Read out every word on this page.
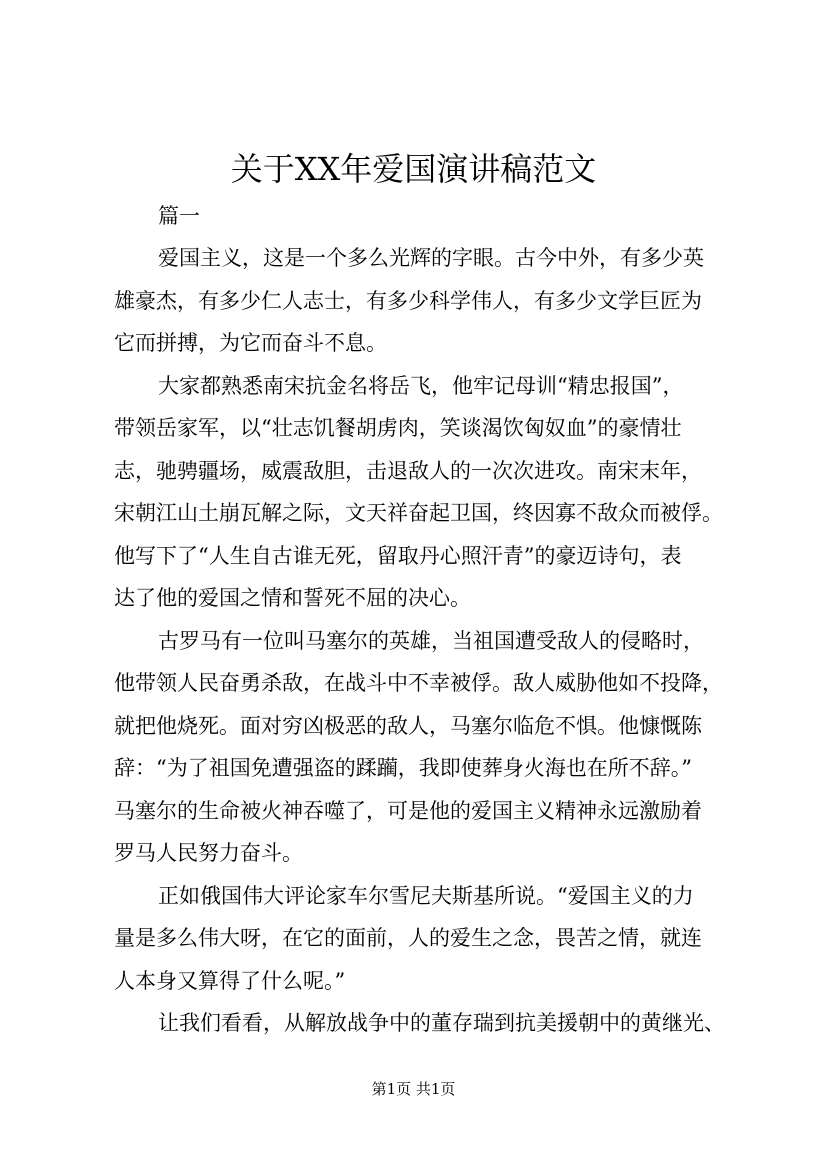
关于XX年爱国演讲稿范文

篇一

爱国主义，这是一个多么光辉的字眼。古今中外，有多少英

雄豪杰，有多少仁人志士，有多少科学伟人，有多少文学巨匠为

它而拼搏，为它而奋斗不息。

大家都熟悉南宋抗金名将岳飞，他牢记母训“精忠报国”，

带领岳家军，以“壮志饥餐胡虏肉，笑谈渴饮匈奴血”的豪情壮

志，驰骋疆场，威震敌胆，击退敌人的一次次进攻。南宋末年，

宋朝江山土崩瓦解之际，文天祥奋起卫国，终因寡不敌众而被俘。

他写下了“人生自古谁无死，留取丹心照汗青”的豪迈诗句，表

达了他的爱国之情和誓死不屈的决心。

古罗马有一位叫马塞尔的英雄，当祖国遭受敌人的侵略时，

他带领人民奋勇杀敌，在战斗中不幸被俘。敌人威胁他如不投降，

就把他烧死。面对穷凶极恶的敌人，马塞尔临危不惧。他慷慨陈

辞：“为了祖国免遭强盗的蹂躏，我即使葬身火海也在所不辞。”

马塞尔的生命被火神吞噬了，可是他的爱国主义精神永远激励着

罗马人民努力奋斗。

正如俄国伟大评论家车尔雪尼夫斯基所说。“爱国主义的力

量是多么伟大呀，在它的面前，人的爱生之念，畏苦之情，就连

人本身又算得了什么呢。”

让我们看看，从解放战争中的董存瑞到抗美援朝中的黄继光、

第1页 共1页
